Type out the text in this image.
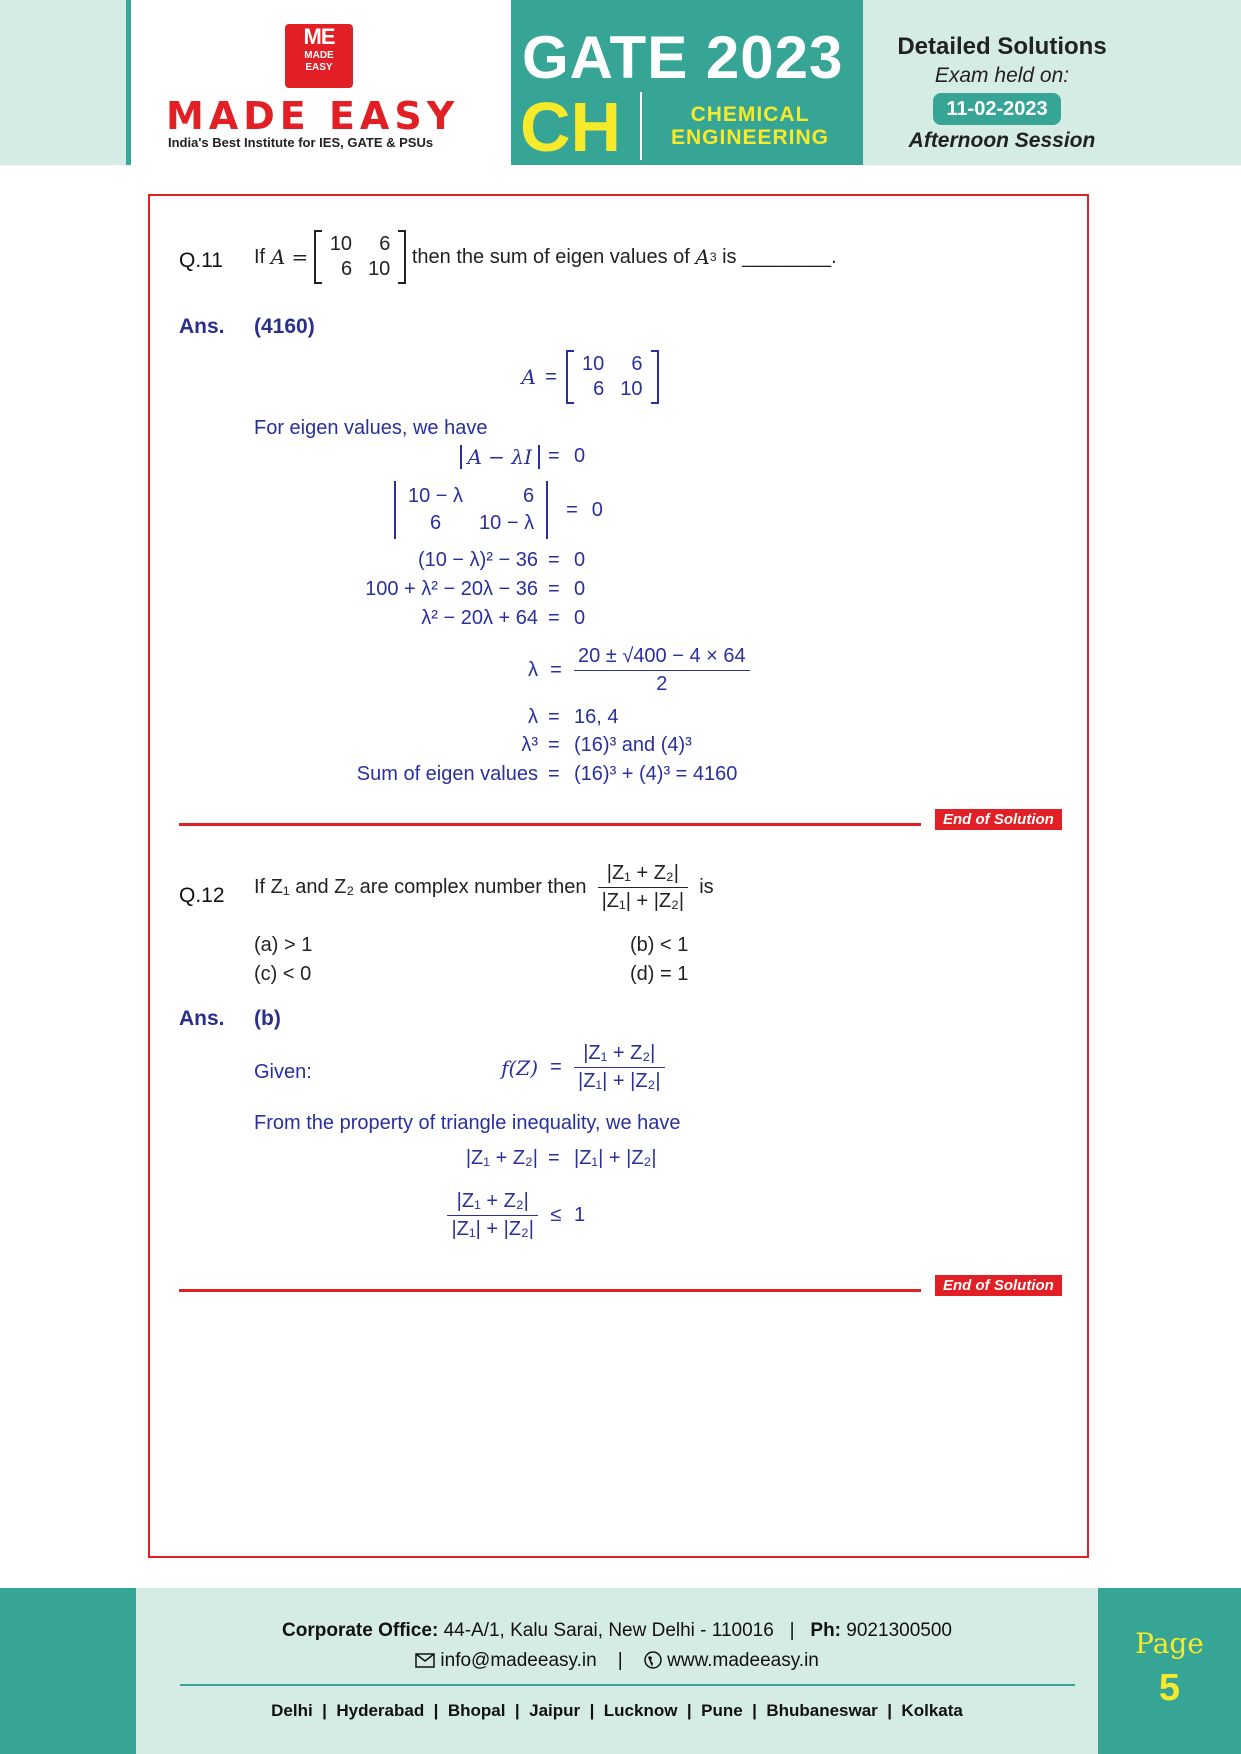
ME
MADE
EASY
MADE EASY
India's Best Institute for IES, GATE & PSUs
GATE 2023
CH	CHEMICAL
ENGINEERING
Detailed Solutions
Exam held on:
11-02-2023
Afternoon Session
Q.11 If
A =

10	6
6	10

then the sum of eigen values of
A 3
is ________.
Ans. (4160)
A =
10	6
6	10
For eigen values, we have
A − λI = 0
10 − λ	6
6	10 − λ
= 0
(10 − λ)² − 36 = 0
100 + λ² − 20λ − 36 = 0
λ² − 20λ + 64 = 0
$\lambda = \frac{20 \pm √400 - 4 \times 64}{2}$
λ = 16, 4
λ³ = (16)³ and (4)³
Sum of eigen values = (16)³ + (4)³ = 4160
End of Solution
Q.12 If Z₁ and Z₂ are complex number then
$\frac{\text{|Z₁ + Z₂|}}{\text{|Z₁| + |Z₂|}}$
is
(a) > 1	(b) < 1
(c) < 0	(d) = 1
Ans. (b)
Given:	$f(Z) = \frac{\text{|Z₁ + Z₂|}}{\text{|Z₁| + |Z₂|}}$
From the property of triangle inequality, we have
|Z₁ + Z₂| = |Z₁| + |Z₂|
$\frac{\text{|Z₁ + Z₂|}}{\text{|Z₁| + |Z₂|}} \le 1$
End of Solution
Corporate Office: 44-A/1, Kalu Sarai, New Delhi - 110016 | Ph: 9021300500
info@madeeasy.in | www.madeeasy.in
Delhi  |  Hyderabad  |  Bhopal  |  Jaipur  |  Lucknow  |  Pune  |  Bhubaneswar  |  Kolkata
Page
5
